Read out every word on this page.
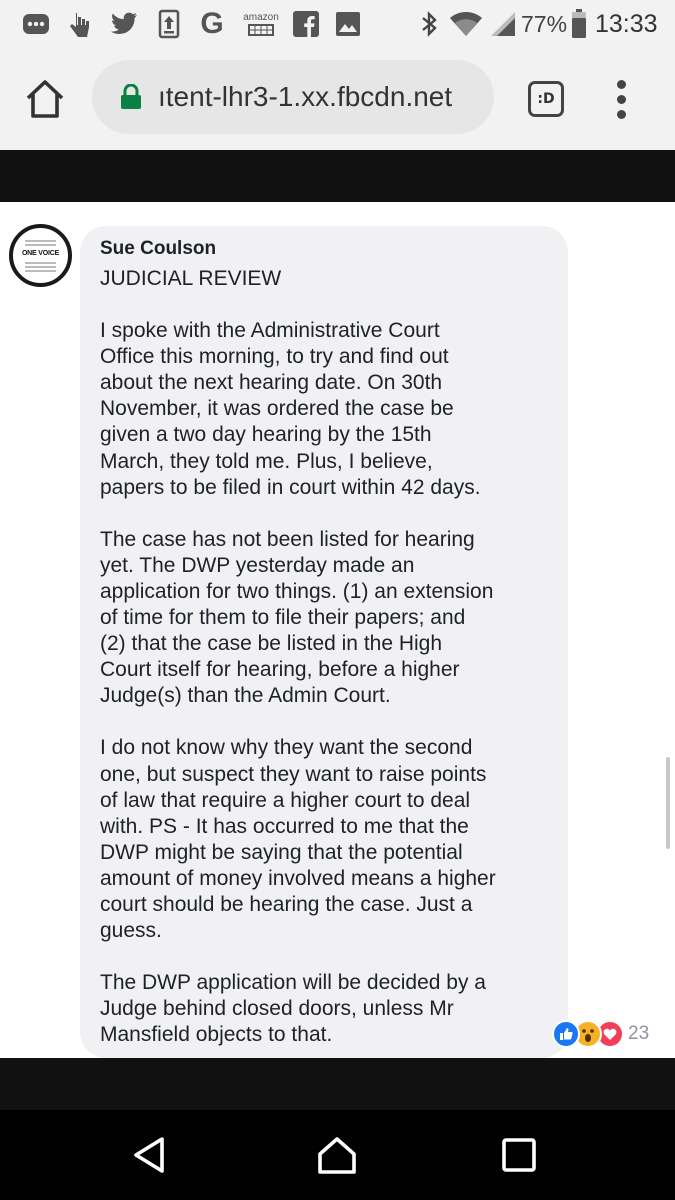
G	amazon	77% 13:33
ıtent-lhr3-1.xx.fbcdn.net	:D
ONE VOICE	Sue Coulson
JUDICIAL REVIEW
I spoke with the Administrative Court
Office this morning, to try and find out
about the next hearing date. On 30th
November, it was ordered the case be
given a two day hearing by the 15th
March, they told me. Plus, I believe,
papers to be filed in court within 42 days.
The case has not been listed for hearing
yet. The DWP yesterday made an
application for two things. (1) an extension
of time for them to file their papers; and
(2) that the case be listed in the High
Court itself for hearing, before a higher
Judge(s) than the Admin Court.
I do not know why they want the second
one, but suspect they want to raise points
of law that require a higher court to deal
with. PS - It has occurred to me that the
DWP might be saying that the potential
amount of money involved means a higher
court should be hearing the case. Just a
guess.
The DWP application will be decided by a
Judge behind closed doors, unless Mr
Mansfield objects to that.	23
